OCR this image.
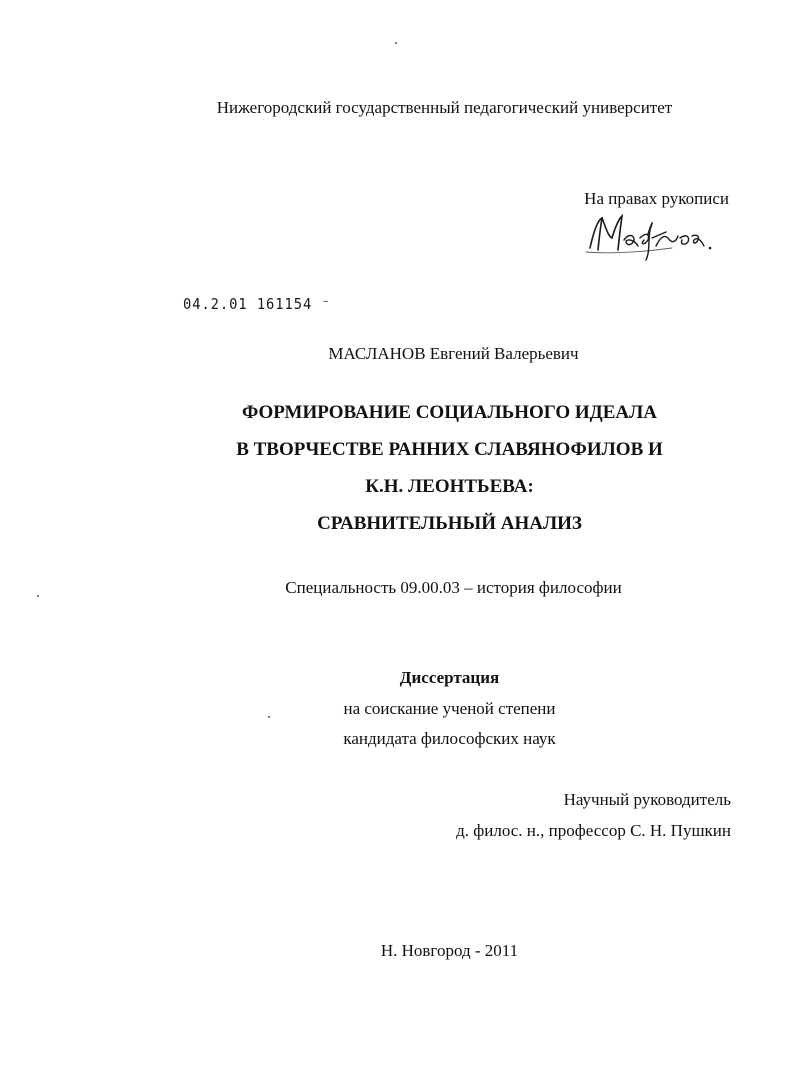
Нижегородский государственный педагогический университет
На правах рукописи
04.2.01 161154 ⁻
МАСЛАНОВ Евгений Валерьевич
ФОРМИРОВАНИЕ СОЦИАЛЬНОГО ИДЕАЛА
В ТВОРЧЕСТВЕ РАННИХ СЛАВЯНОФИЛОВ И
К.Н. ЛЕОНТЬЕВА:
СРАВНИТЕЛЬНЫЙ АНАЛИЗ
Специальность 09.00.03 – история философии
Диссертация
на соискание ученой степени
кандидата философских наук
Научный руководитель
д. филос. н., профессор С. Н. Пушкин
Н. Новгород - 2011
